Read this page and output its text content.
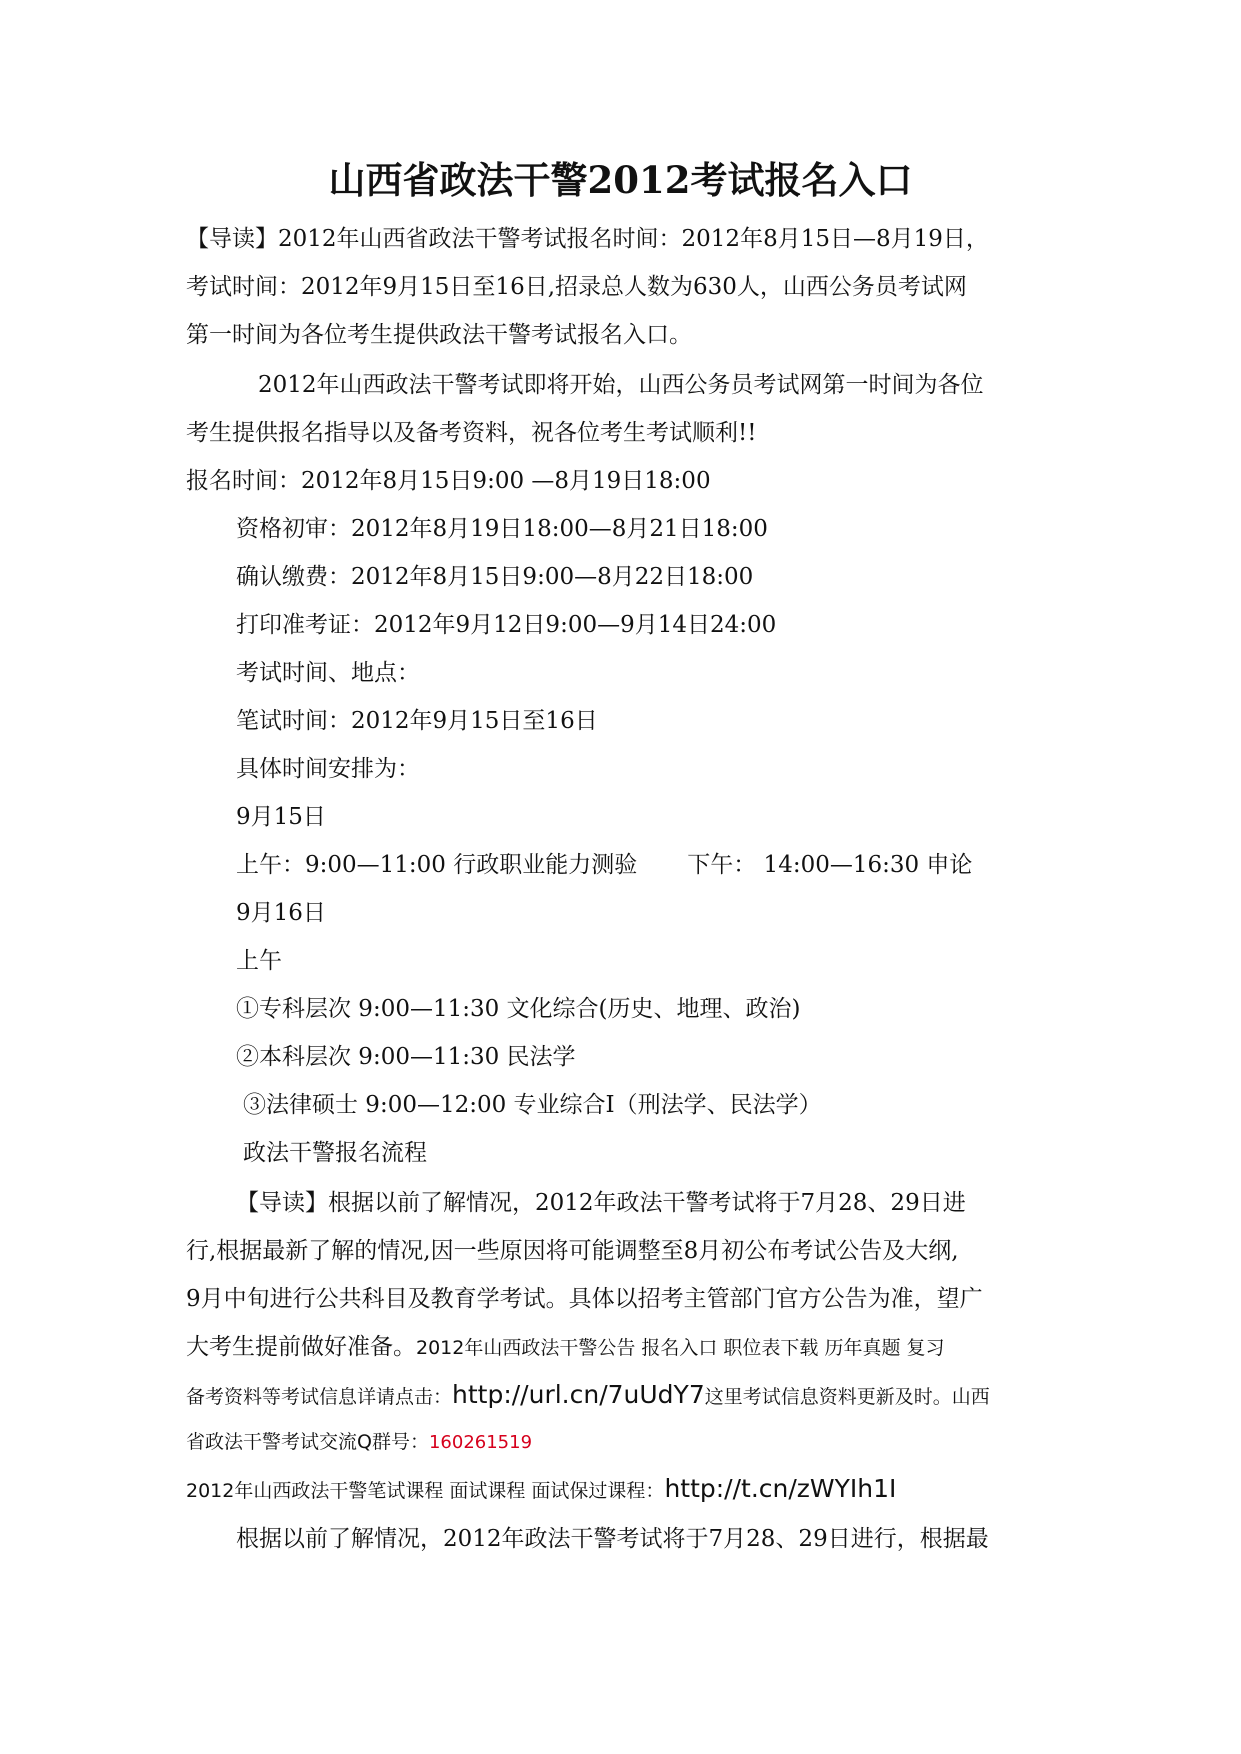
山西省政法干警2012考试报名入口
【导读】2012年山西省政法干警考试报名时间：2012年8月15日—8月19日，
考试时间：2012年9月15日至16日,招录总人数为630人，山西公务员考试网
第一时间为各位考生提供政法干警考试报名入口。
2012年山西政法干警考试即将开始，山西公务员考试网第一时间为各位
考生提供报名指导以及备考资料，祝各位考生考试顺利!!
报名时间：2012年8月15日9:00 —8月19日18:00
资格初审：2012年8月19日18:00—8月21日18:00
确认缴费：2012年8月15日9:00—8月22日18:00
打印准考证：2012年9月12日9:00—9月14日24:00
考试时间、地点：
笔试时间：2012年9月15日至16日
具体时间安排为：
9月15日
上午：9:00—11:00 行政职业能力测验 下午： 14:00—16:30 申论
9月16日
上午
①专科层次 9:00—11:30 文化综合(历史、地理、政治)
②本科层次 9:00—11:30 民法学
③法律硕士 9:00—12:00 专业综合Ⅰ（刑法学、民法学）
政法干警报名流程
【导读】根据以前了解情况，2012年政法干警考试将于7月28、29日进
行,根据最新了解的情况,因一些原因将可能调整至8月初公布考试公告及大纲,
9月中旬进行公共科目及教育学考试。具体以招考主管部门官方公告为准，望广
大考生提前做好准备。2012年山西政法干警公告 报名入口 职位表下载 历年真题 复习
备考资料等考试信息详请点击：http://url.cn/7uUdY7这里考试信息资料更新及时。山西
省政法干警考试交流Q群号：160261519
2012年山西政法干警笔试课程 面试课程 面试保过课程：http://t.cn/zWYIh1I
根据以前了解情况，2012年政法干警考试将于7月28、29日进行，根据最
